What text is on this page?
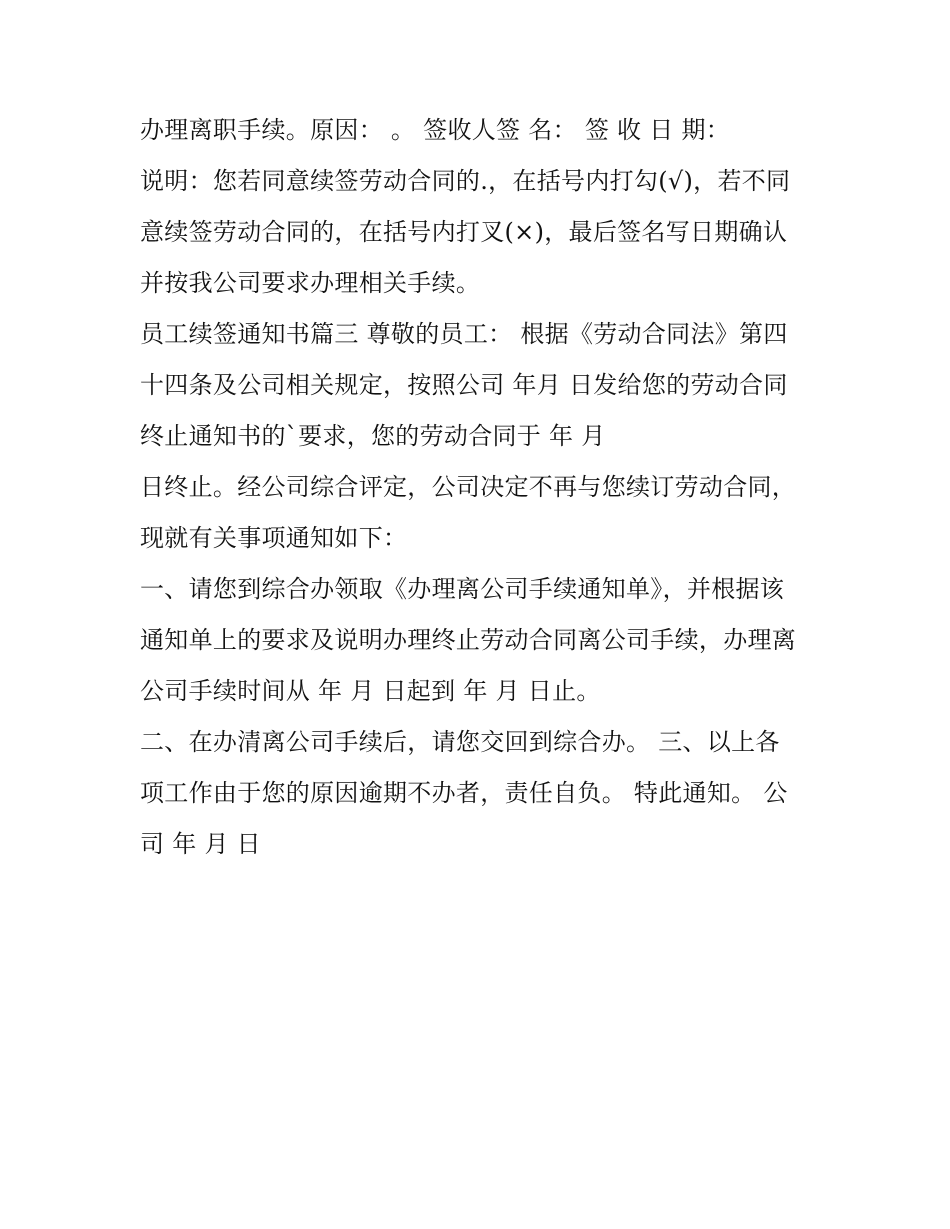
办理离职手续。原因： 。 签收人签 名： 签 收 日 期：
说明：您若同意续签劳动合同的.，在括号内打勾(√)，若不同
意续签劳动合同的，在括号内打叉(×)，最后签名写日期确认
并按我公司要求办理相关手续。
员工续签通知书篇三 尊敬的员工： 根据《劳动合同法》第四
十四条及公司相关规定，按照公司 年月 日发给您的劳动合同
终止通知书的`要求，您的劳动合同于 年 月
日终止。经公司综合评定，公司决定不再与您续订劳动合同，
现就有关事项通知如下：
一、请您到综合办领取《办理离公司手续通知单》，并根据该
通知单上的要求及说明办理终止劳动合同离公司手续，办理离
公司手续时间从 年 月 日起到 年 月 日止。
二、在办清离公司手续后，请您交回到综合办。 三、以上各
项工作由于您的原因逾期不办者，责任自负。 特此通知。 公
司 年 月 日
